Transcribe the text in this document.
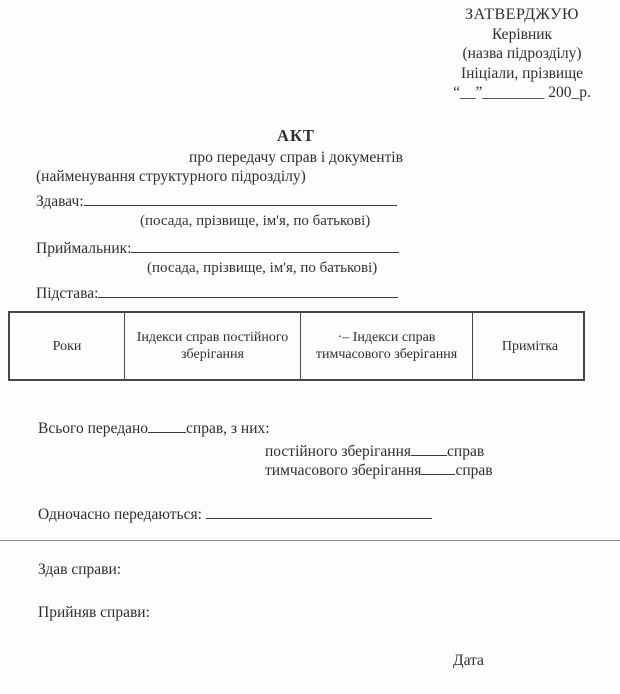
ЗАТВЕРДЖУЮ
Керівник
(назва підрозділу)
Ініціали, прізвище
“__”________ 200_р.
АКТ
про передачу справ і документів
(найменування структурного підрозділу)
Здавач:
(посада, прізвище, ім'я, по батькові)
Приймальник:
(посада, прізвище, ім'я, по батькові)
Підстава:
Роки
Індекси справ постійного зберігання
·– Індекси справ тимчасового зберігання
Примітка
Всього передано справ, з них:
постійного зберігання справ
тимчасового зберігання справ
Одночасно передаються:
Здав справи:
Прийняв справи:
Дата
